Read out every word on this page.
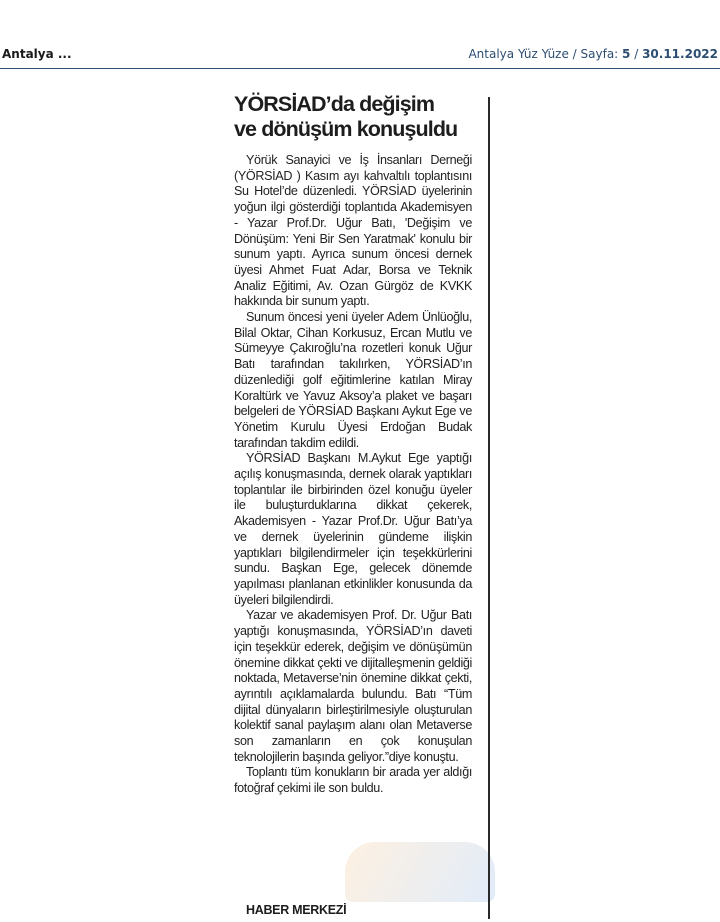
Antalya ...	Antalya Yüz Yüze / Sayfa: 5 / 30.11.2022
YÖRSİAD’da değişim
ve dönüşüm konuşuldu

Yörük Sanayici ve İş İnsanları Derneği (YÖRSİAD ) Kasım ayı kahvaltılı toplantısını Su Hotel’de düzenledi. YÖRSİAD üyelerinin yoğun ilgi gösterdiği toplantıda Akademisyen - Yazar Prof.Dr. Uğur Batı, 'Değişim ve Dönüşüm: Yeni Bir Sen Yaratmak' konulu bir sunum yaptı. Ayrıca sunum öncesi dernek üyesi Ahmet Fuat Adar, Borsa ve Teknik Analiz Eğitimi, Av. Ozan Gürgöz de KVKK hakkında bir sunum yaptı.

Sunum öncesi yeni üyeler Adem Ünlüoğlu, Bilal Oktar, Cihan Korkusuz, Ercan Mutlu ve Sümeyye Çakıroğlu’na rozetleri konuk Uğur Batı tarafından takılırken, YÖRSİAD’ın düzenlediği golf eğitimlerine katılan Miray Koraltürk ve Yavuz Aksoy’a plaket ve başarı belgeleri de YÖRSİAD Başkanı Aykut Ege ve Yönetim Kurulu Üyesi Erdoğan Budak tarafından takdim edildi.

YÖRSİAD Başkanı M.Aykut Ege yaptığı açılış konuşmasında, dernek olarak yaptıkları toplantılar ile birbirinden özel konuğu üyeler ile buluşturduklarına dikkat çekerek, Akademisyen - Yazar Prof.Dr. Uğur Batı’ya ve dernek üyelerinin gündeme ilişkin yaptıkları bilgilendirmeler için teşekkürlerini sundu. Başkan Ege, gelecek dönemde yapılması planlanan etkinlikler konusunda da üyeleri bilgilendirdi.

Yazar ve akademisyen Prof. Dr. Uğur Batı yaptığı konuşmasında, YÖRSİAD’ın daveti için teşekkür ederek, değişim ve dönüşümün önemine dikkat çekti ve dijitalleşmenin geldiği noktada, Metaverse’nin önemine dikkat çekti, ayrıntılı açıklamalarda bulundu. Batı “Tüm dijital dünyaların birleştirilmesiyle oluşturulan kolektif sanal paylaşım alanı olan Metaverse son zamanların en çok konuşulan teknolojilerin başında geliyor.”diye konuştu.

Toplantı tüm konukların bir arada yer aldığı fotoğraf çekimi ile son buldu.

HABER MERKEZİ
